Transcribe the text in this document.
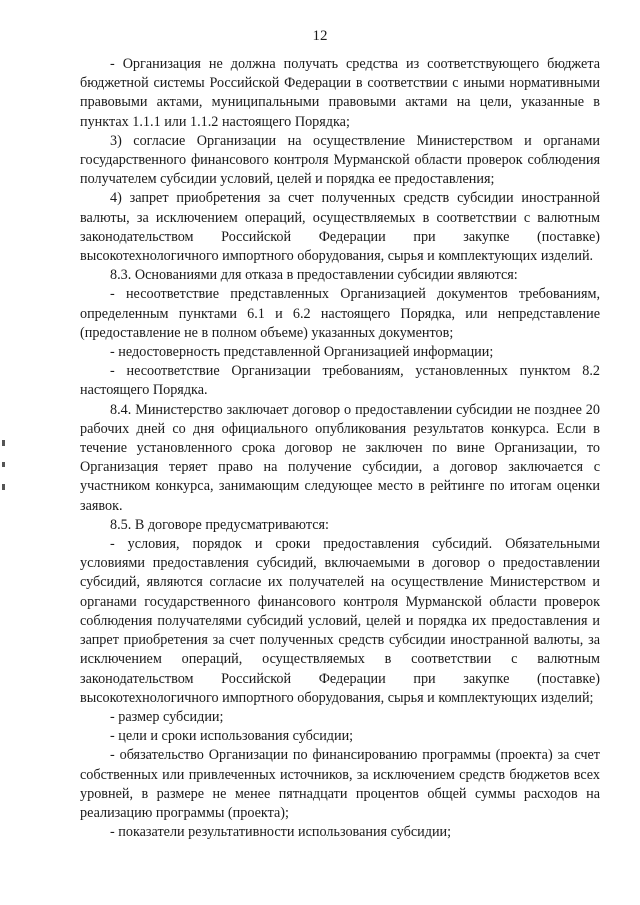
12

- Организация не должна получать средства из соответствующего бюджета бюджетной системы Российской Федерации в соответствии с иными нормативными правовыми актами, муниципальными правовыми актами на цели, указанные в пунктах 1.1.1 или 1.1.2 настоящего Порядка;

3) согласие Организации на осуществление Министерством и органами государственного финансового контроля Мурманской области проверок соблюдения получателем субсидии условий, целей и порядка ее предоставления;

4) запрет приобретения за счет полученных средств субсидии иностранной валюты, за исключением операций, осуществляемых в соответствии с валютным законодательством Российской Федерации при закупке (поставке) высокотехнологичного импортного оборудования, сырья и комплектующих изделий.

8.3. Основаниями для отказа в предоставлении субсидии являются:

- несоответствие представленных Организацией документов требованиям, определенным пунктами 6.1 и 6.2 настоящего Порядка, или непредставление (предоставление не в полном объеме) указанных документов;

- недостоверность представленной Организацией информации;

- несоответствие Организации требованиям, установленных пунктом 8.2 настоящего Порядка.

8.4. Министерство заключает договор о предоставлении субсидии не позднее 20 рабочих дней со дня официального опубликования результатов конкурса. Если в течение установленного срока договор не заключен по вине Организации, то Организация теряет право на получение субсидии, а договор заключается с участником конкурса, занимающим следующее место в рейтинге по итогам оценки заявок.

8.5. В договоре предусматриваются:

- условия, порядок и сроки предоставления субсидий. Обязательными условиями предоставления субсидий, включаемыми в договор о предоставлении субсидий, являются согласие их получателей на осуществление Министерством и органами государственного финансового контроля Мурманской области проверок соблюдения получателями субсидий условий, целей и порядка их предоставления и запрет приобретения за счет полученных средств субсидии иностранной валюты, за исключением операций, осуществляемых в соответствии с валютным законодательством Российской Федерации при закупке (поставке) высокотехнологичного импортного оборудования, сырья и комплектующих изделий;

- размер субсидии;

- цели и сроки использования субсидии;

- обязательство Организации по финансированию программы (проекта) за счет собственных или привлеченных источников, за исключением средств бюджетов всех уровней, в размере не менее пятнадцати процентов общей суммы расходов на реализацию программы (проекта);

- показатели результативности использования субсидии;
